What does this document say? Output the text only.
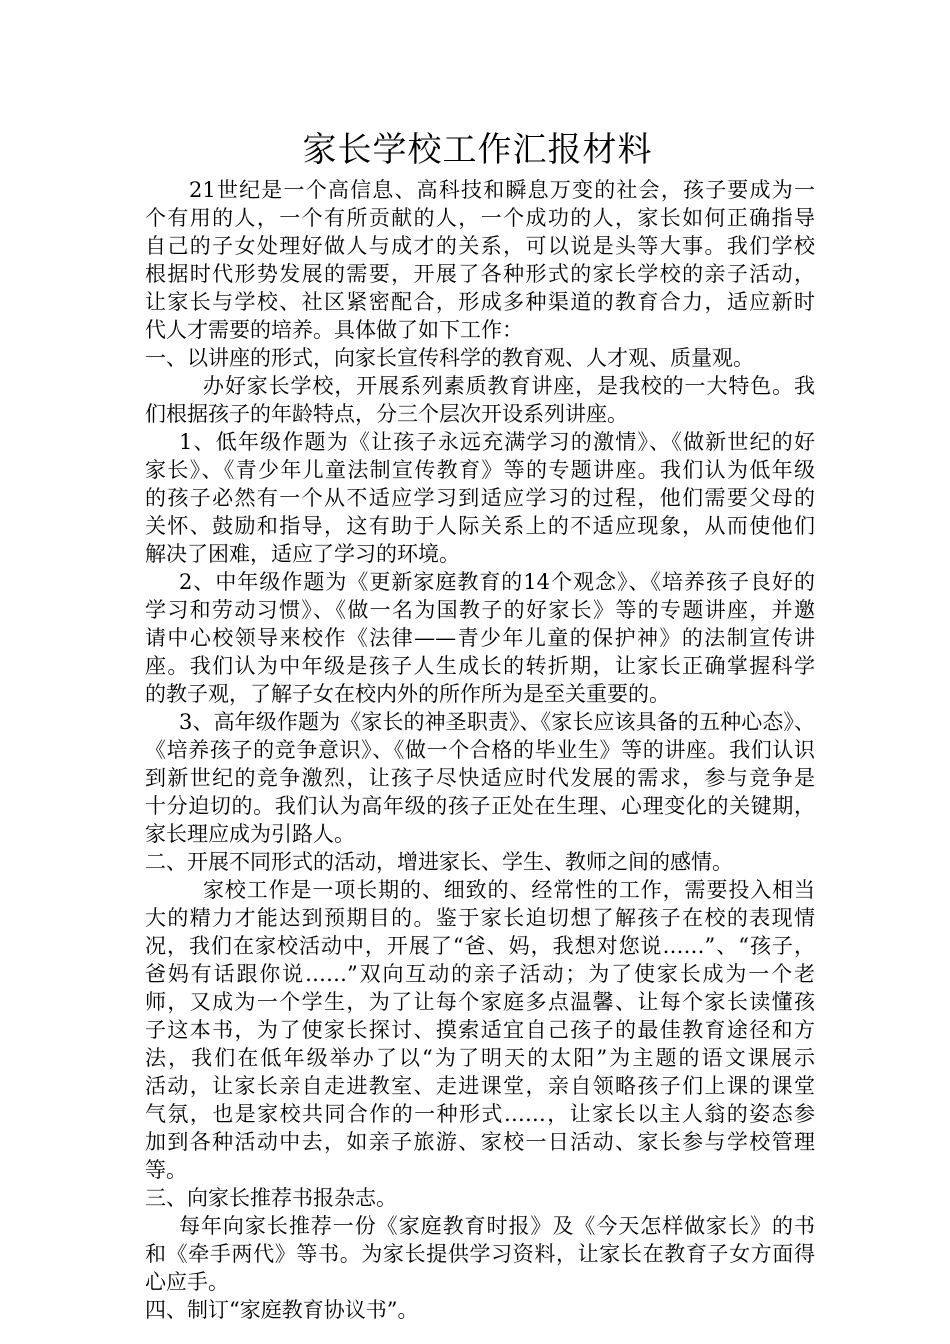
家长学校工作汇报材料
21世纪是一个高信息、高科技和瞬息万变的社会，孩子要成为一
个有用的人，一个有所贡献的人，一个成功的人，家长如何正确指导
自己的子女处理好做人与成才的关系，可以说是头等大事。我们学校
根据时代形势发展的需要，开展了各种形式的家长学校的亲子活动，
让家长与学校、社区紧密配合，形成多种渠道的教育合力，适应新时
代人才需要的培养。具体做了如下工作：
一、以讲座的形式，向家长宣传科学的教育观、人才观、质量观。
办好家长学校，开展系列素质教育讲座，是我校的一大特色。我
们根据孩子的年龄特点，分三个层次开设系列讲座。
1、低年级作题为《让孩子永远充满学习的激情》、《做新世纪的好
家长》、《青少年儿童法制宣传教育》等的专题讲座。我们认为低年级
的孩子必然有一个从不适应学习到适应学习的过程，他们需要父母的
关怀、鼓励和指导，这有助于人际关系上的不适应现象，从而使他们
解决了困难，适应了学习的环境。
2、中年级作题为《更新家庭教育的14个观念》、《培养孩子良好的
学习和劳动习惯》、《做一名为国教子的好家长》等的专题讲座，并邀
请中心校领导来校作《法律——青少年儿童的保护神》的法制宣传讲
座。我们认为中年级是孩子人生成长的转折期，让家长正确掌握科学
的教子观，了解子女在校内外的所作所为是至关重要的。
3、高年级作题为《家长的神圣职责》、《家长应该具备的五种心态》、
《培养孩子的竞争意识》、《做一个合格的毕业生》等的讲座。我们认识
到新世纪的竞争激烈，让孩子尽快适应时代发展的需求，参与竞争是
十分迫切的。我们认为高年级的孩子正处在生理、心理变化的关键期，
家长理应成为引路人。
二、开展不同形式的活动，增进家长、学生、教师之间的感情。
家校工作是一项长期的、细致的、经常性的工作，需要投入相当
大的精力才能达到预期目的。鉴于家长迫切想了解孩子在校的表现情
况，我们在家校活动中，开展了“爸、妈，我想对您说……”、“孩子，
爸妈有话跟你说……”双向互动的亲子活动；为了使家长成为一个老
师，又成为一个学生，为了让每个家庭多点温馨、让每个家长读懂孩
子这本书，为了使家长探讨、摸索适宜自己孩子的最佳教育途径和方
法，我们在低年级举办了以“为了明天的太阳”为主题的语文课展示
活动，让家长亲自走进教室、走进课堂，亲自领略孩子们上课的课堂
气氛，也是家校共同合作的一种形式……，让家长以主人翁的姿态参
加到各种活动中去，如亲子旅游、家校一日活动、家长参与学校管理
等。
三、向家长推荐书报杂志。
每年向家长推荐一份《家庭教育时报》及《今天怎样做家长》的书
和《牵手两代》等书。为家长提供学习资料，让家长在教育子女方面得
心应手。
四、制订“家庭教育协议书”。
